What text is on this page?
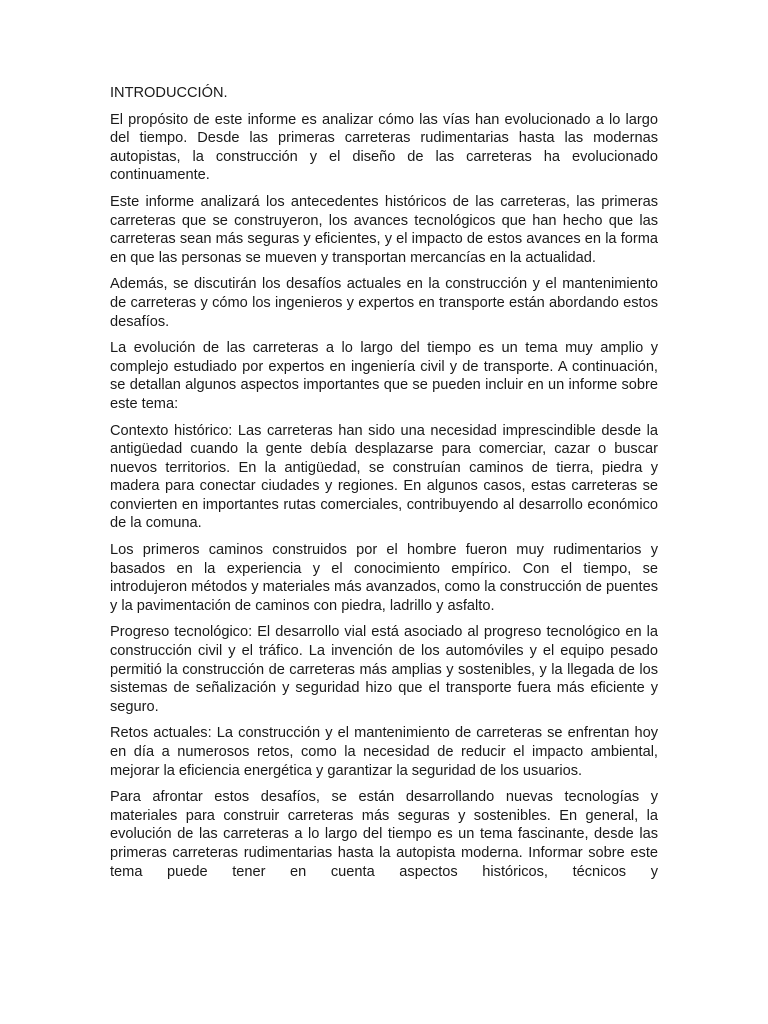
INTRODUCCIÓN.

El propósito de este informe es analizar cómo las vías han evolucionado a lo largo del tiempo. Desde las primeras carreteras rudimentarias hasta las modernas autopistas, la construcción y el diseño de las carreteras ha evolucionado continuamente.

Este informe analizará los antecedentes históricos de las carreteras, las primeras carreteras que se construyeron, los avances tecnológicos que han hecho que las carreteras sean más seguras y eficientes, y el impacto de estos avances en la forma en que las personas se mueven y transportan mercancías en la actualidad.

Además, se discutirán los desafíos actuales en la construcción y el mantenimiento de carreteras y cómo los ingenieros y expertos en transporte están abordando estos desafíos.

La evolución de las carreteras a lo largo del tiempo es un tema muy amplio y complejo estudiado por expertos en ingeniería civil y de transporte. A continuación, se detallan algunos aspectos importantes que se pueden incluir en un informe sobre este tema:

Contexto histórico: Las carreteras han sido una necesidad imprescindible desde la antigüedad cuando la gente debía desplazarse para comerciar, cazar o buscar nuevos territorios. En la antigüedad, se construían caminos de tierra, piedra y madera para conectar ciudades y regiones. En algunos casos, estas carreteras se convierten en importantes rutas comerciales, contribuyendo al desarrollo económico de la comuna.

Los primeros caminos construidos por el hombre fueron muy rudimentarios y basados en la experiencia y el conocimiento empírico. Con el tiempo, se introdujeron métodos y materiales más avanzados, como la construcción de puentes y la pavimentación de caminos con piedra, ladrillo y asfalto.

Progreso tecnológico: El desarrollo vial está asociado al progreso tecnológico en la construcción civil y el tráfico. La invención de los automóviles y el equipo pesado permitió la construcción de carreteras más amplias y sostenibles, y la llegada de los sistemas de señalización y seguridad hizo que el transporte fuera más eficiente y seguro.

Retos actuales: La construcción y el mantenimiento de carreteras se enfrentan hoy en día a numerosos retos, como la necesidad de reducir el impacto ambiental, mejorar la eficiencia energética y garantizar la seguridad de los usuarios.

Para afrontar estos desafíos, se están desarrollando nuevas tecnologías y materiales para construir carreteras más seguras y sostenibles. En general, la evolución de las carreteras a lo largo del tiempo es un tema fascinante, desde las primeras carreteras rudimentarias hasta la autopista moderna. Informar sobre este tema puede tener en cuenta aspectos históricos, técnicos y
